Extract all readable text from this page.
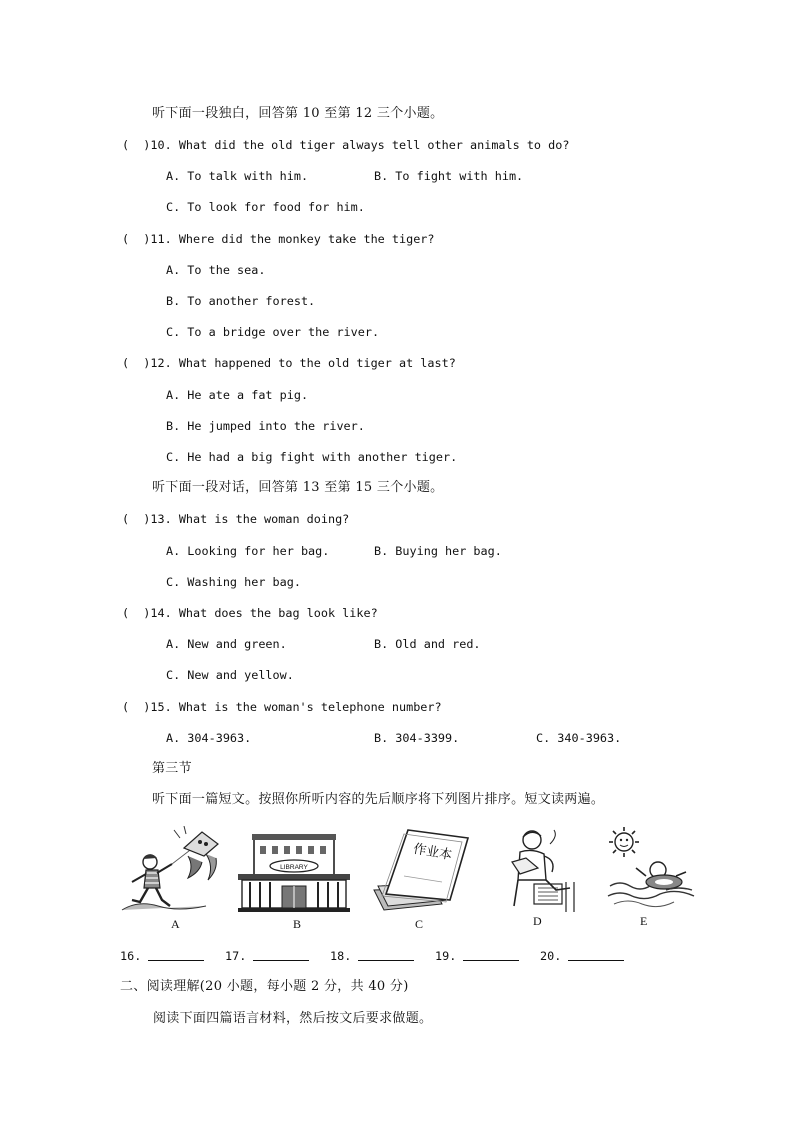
听下面一段独白，回答第 10 至第 12 三个小题。
(  )10. What did the old tiger always tell other animals to do?
A. To talk with him.	B. To fight with him.
C. To look for food for him.
(  )11. Where did the monkey take the tiger?
A. To the sea.
B. To another forest.
C. To a bridge over the river.
(  )12. What happened to the old tiger at last?
A. He ate a fat pig.
B. He jumped into the river.
C. He had a big fight with another tiger.
听下面一段对话，回答第 13 至第 15 三个小题。
(  )13. What is the woman doing?
A. Looking for her bag.	B. Buying her bag.
C. Washing her bag.
(  )14. What does the bag look like?
A. New and green.	B. Old and red.
C. New and yellow.
(  )15. What is the woman's telephone number?
A. 304-3963.	B. 304-3399.	C. 340-3963.
第三节
听下面一篇短文。按照你所听内容的先后顺序将下列图片排序。短文读两遍。
A
LIBRARY
B
作业本
C	D	E
16.	17.	18.	19.	20.
二、阅读理解(20 小题，每小题 2 分，共 40 分)
阅读下面四篇语言材料，然后按文后要求做题。
